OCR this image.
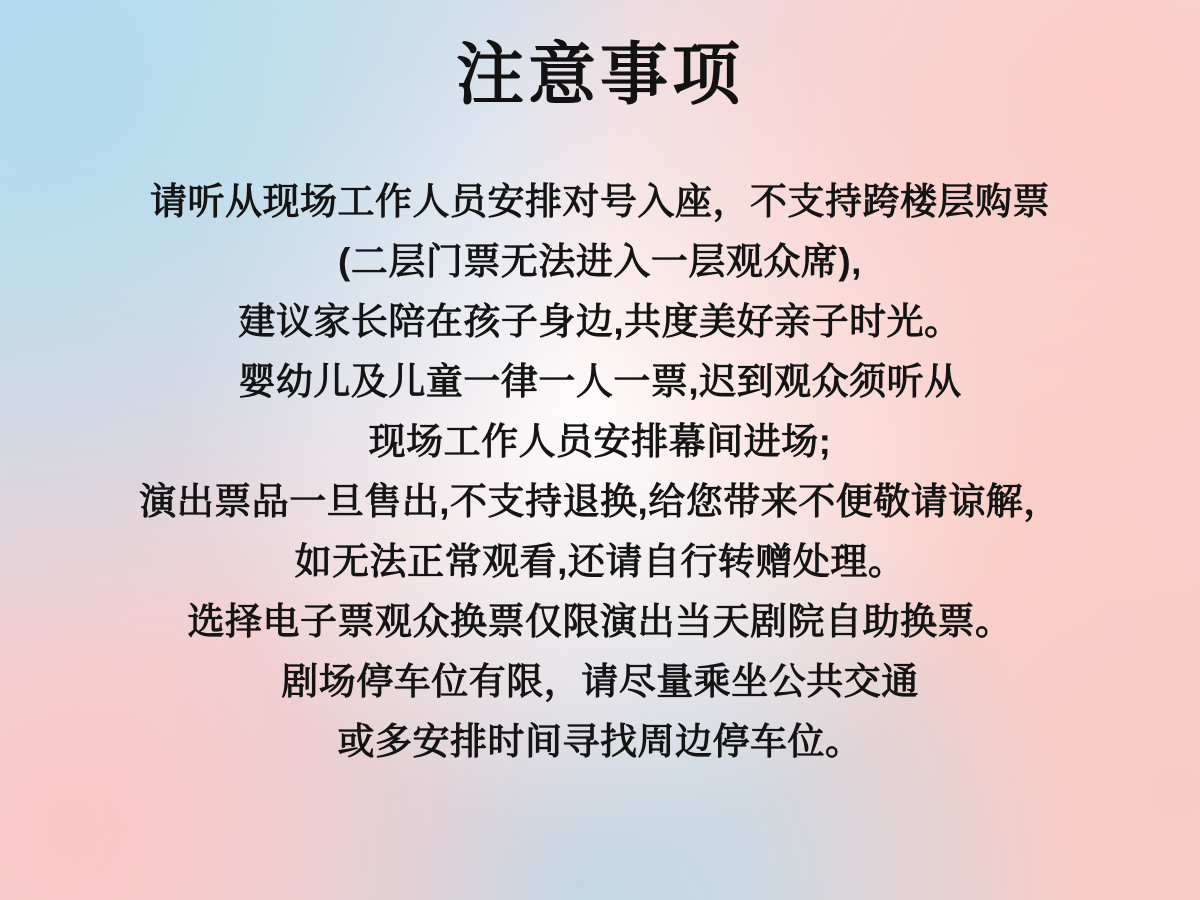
注意事项
请听从现场工作人员安排对号入座，不支持跨楼层购票
(二层门票无法进入一层观众席),
建议家长陪在孩子身边,共度美好亲子时光。
婴幼儿及儿童一律一人一票,迟到观众须听从
现场工作人员安排幕间进场;
演出票品一旦售出,不支持退换,给您带来不便敬请谅解，
如无法正常观看,还请自行转赠处理。
选择电子票观众换票仅限演出当天剧院自助换票。
剧场停车位有限，请尽量乘坐公共交通
或多安排时间寻找周边停车位。
